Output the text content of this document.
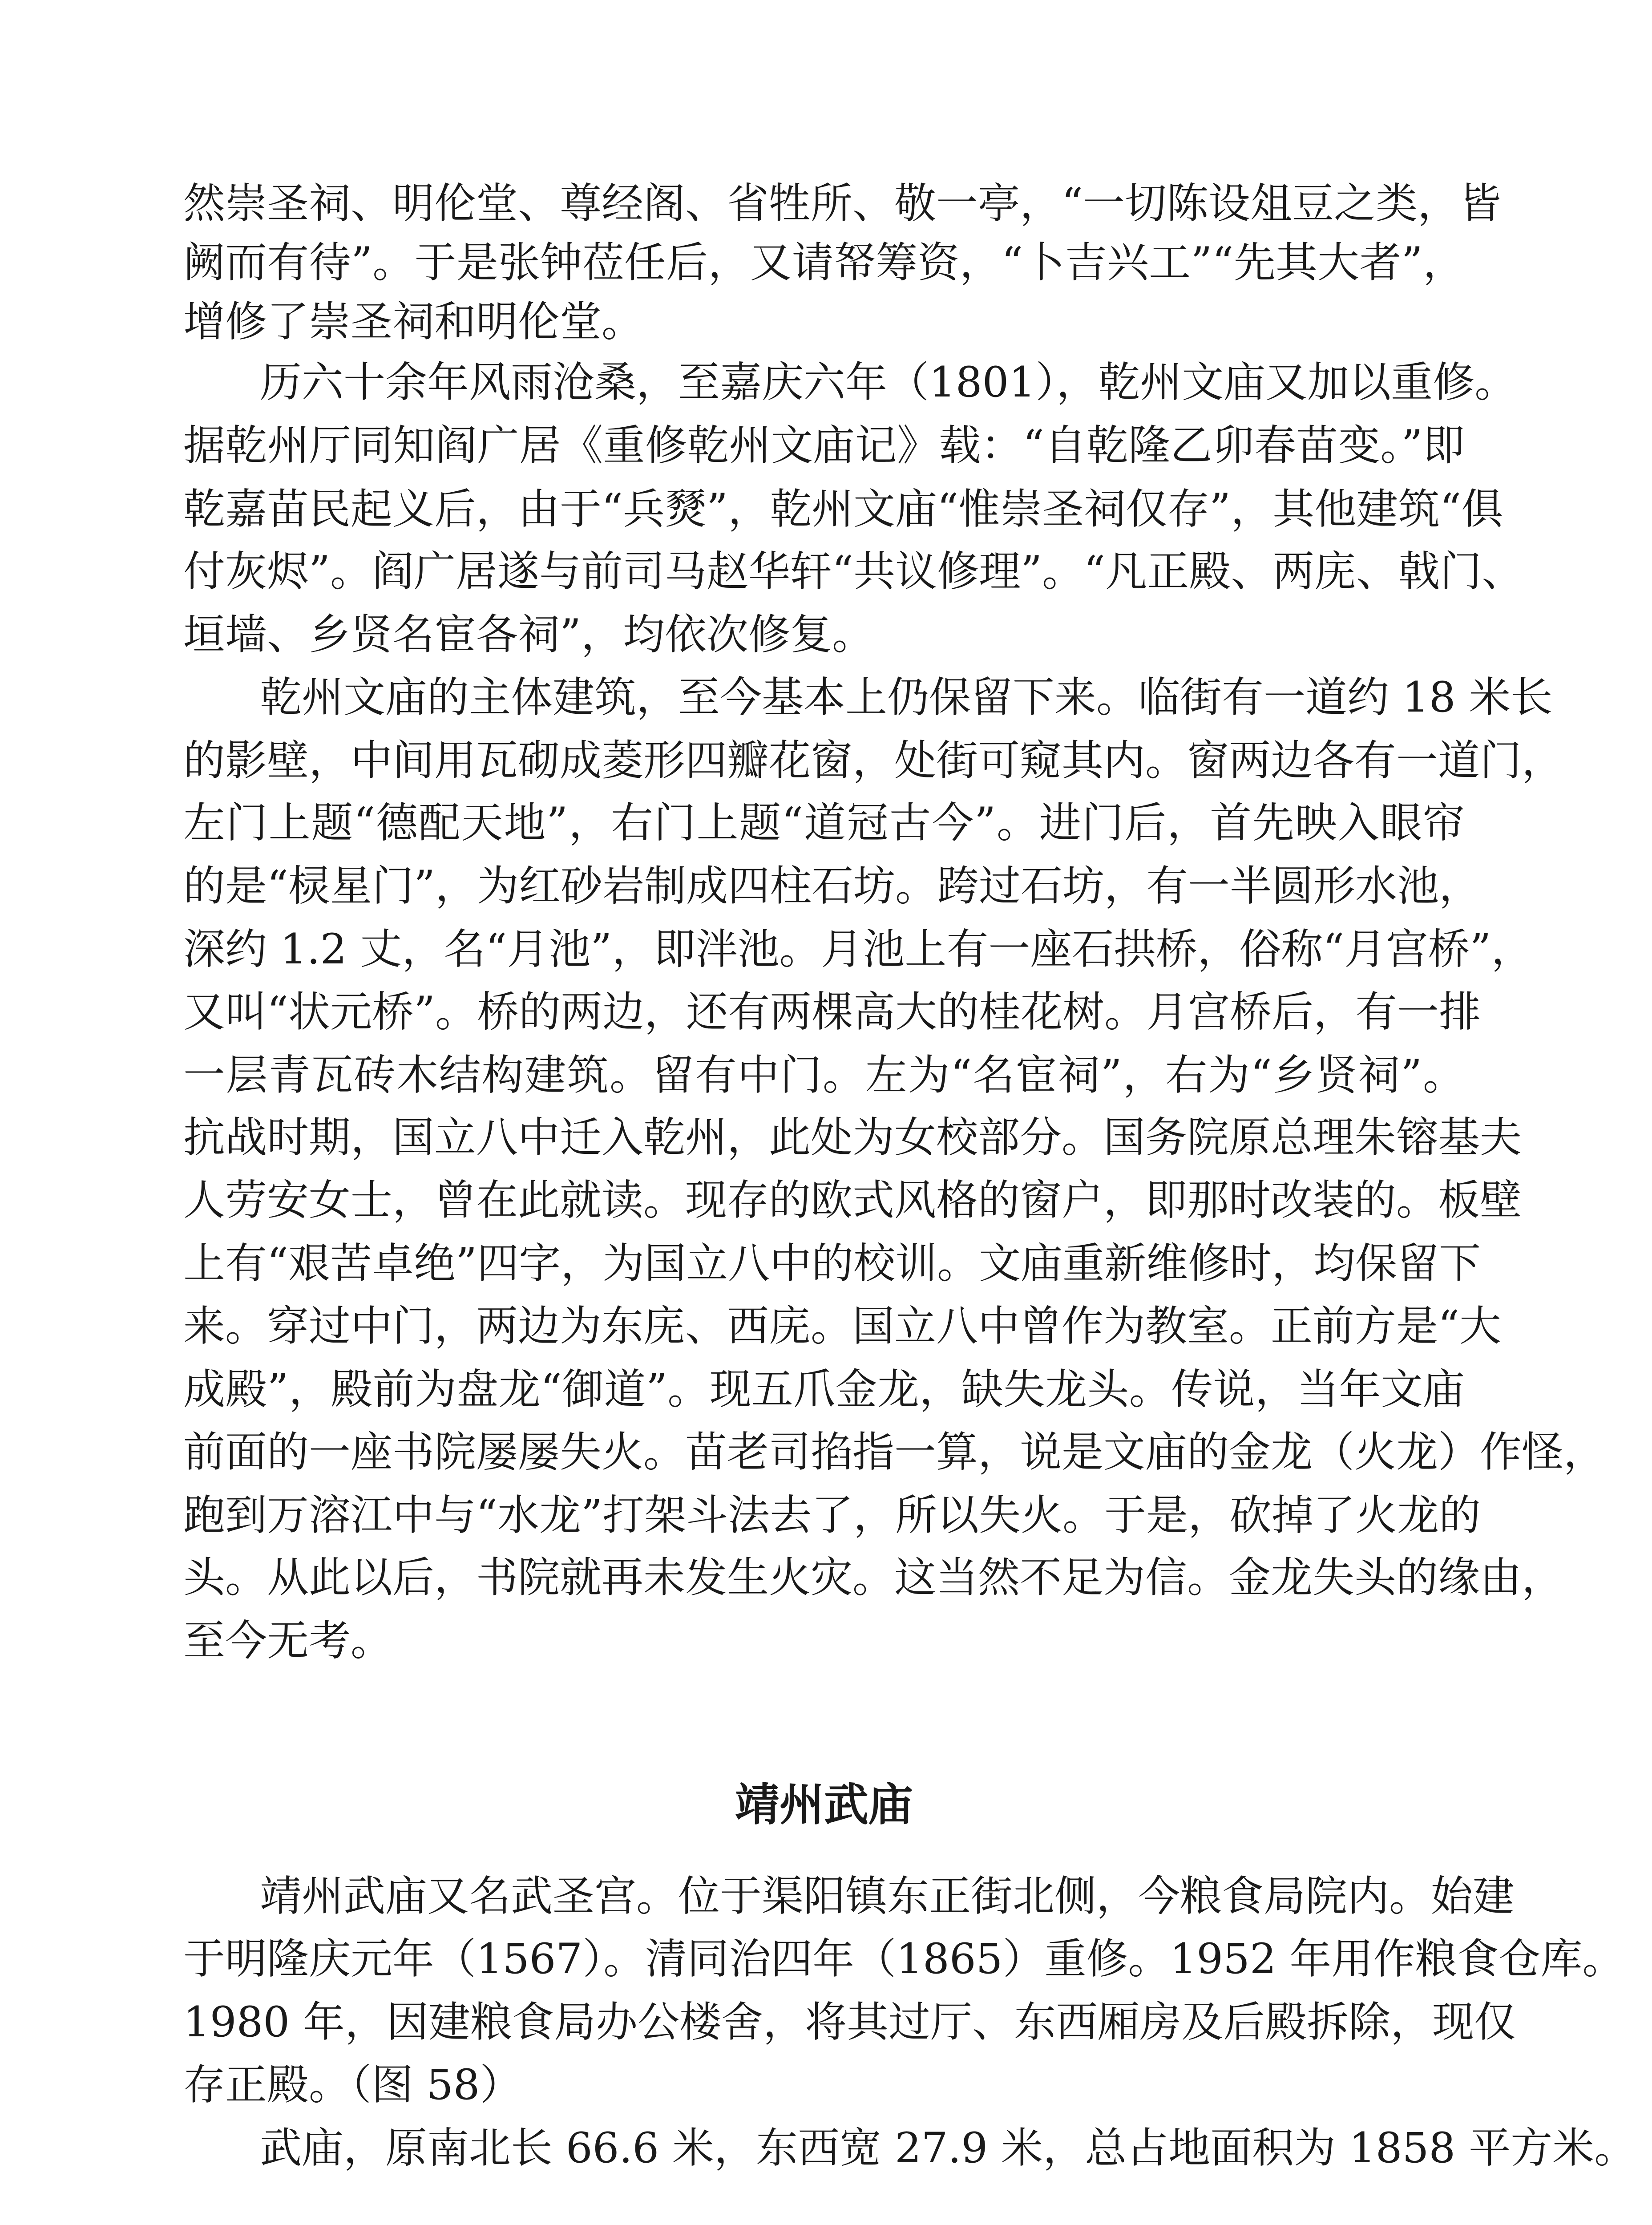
然崇圣祠、明伦堂、尊经阁、省牲所、敬一亭，“一切陈设俎豆之类，皆
阙而有待”。于是张钟莅任后，又请帑筹资，“卜吉兴工”“先其大者”，
增修了崇圣祠和明伦堂。
历六十余年风雨沧桑，至嘉庆六年（1801），乾州文庙又加以重修。
据乾州厅同知阎广居《重修乾州文庙记》载：“自乾隆乙卯春苗变。”即
乾嘉苗民起义后，由于“兵燹”，乾州文庙“惟崇圣祠仅存”，其他建筑“俱
付灰烬”。阎广居遂与前司马赵华轩“共议修理”。“凡正殿、两庑、戟门、
垣墙、乡贤名宦各祠”，均依次修复。
乾州文庙的主体建筑，至今基本上仍保留下来。临街有一道约 18 米长
的影壁，中间用瓦砌成菱形四瓣花窗，处街可窥其内。窗两边各有一道门，
左门上题“德配天地”，右门上题“道冠古今”。进门后，首先映入眼帘
的是“棂星门”，为红砂岩制成四柱石坊。跨过石坊，有一半圆形水池，
深约 1.2 丈，名“月池”，即泮池。月池上有一座石拱桥，俗称“月宫桥”，
又叫“状元桥”。桥的两边，还有两棵高大的桂花树。月宫桥后，有一排
一层青瓦砖木结构建筑。留有中门。左为“名宦祠”，右为“乡贤祠”。
抗战时期，国立八中迁入乾州，此处为女校部分。国务院原总理朱镕基夫
人劳安女士，曾在此就读。现存的欧式风格的窗户，即那时改装的。板壁
上有“艰苦卓绝”四字，为国立八中的校训。文庙重新维修时，均保留下
来。穿过中门，两边为东庑、西庑。国立八中曾作为教室。正前方是“大
成殿”，殿前为盘龙“御道”。现五爪金龙，缺失龙头。传说，当年文庙
前面的一座书院屡屡失火。苗老司掐指一算，说是文庙的金龙（火龙）作怪，
跑到万溶江中与“水龙”打架斗法去了，所以失火。于是，砍掉了火龙的
头。从此以后，书院就再未发生火灾。这当然不足为信。金龙失头的缘由，
至今无考。
靖州武庙
靖州武庙又名武圣宫。位于渠阳镇东正街北侧，今粮食局院内。始建
于明隆庆元年（1567）。清同治四年（1865）重修。1952 年用作粮食仓库。
1980 年，因建粮食局办公楼舍，将其过厅、东西厢房及后殿拆除，现仅
存正殿。（图 58）
武庙，原南北长 66.6 米，东西宽 27.9 米，总占地面积为 1858 平方米。
